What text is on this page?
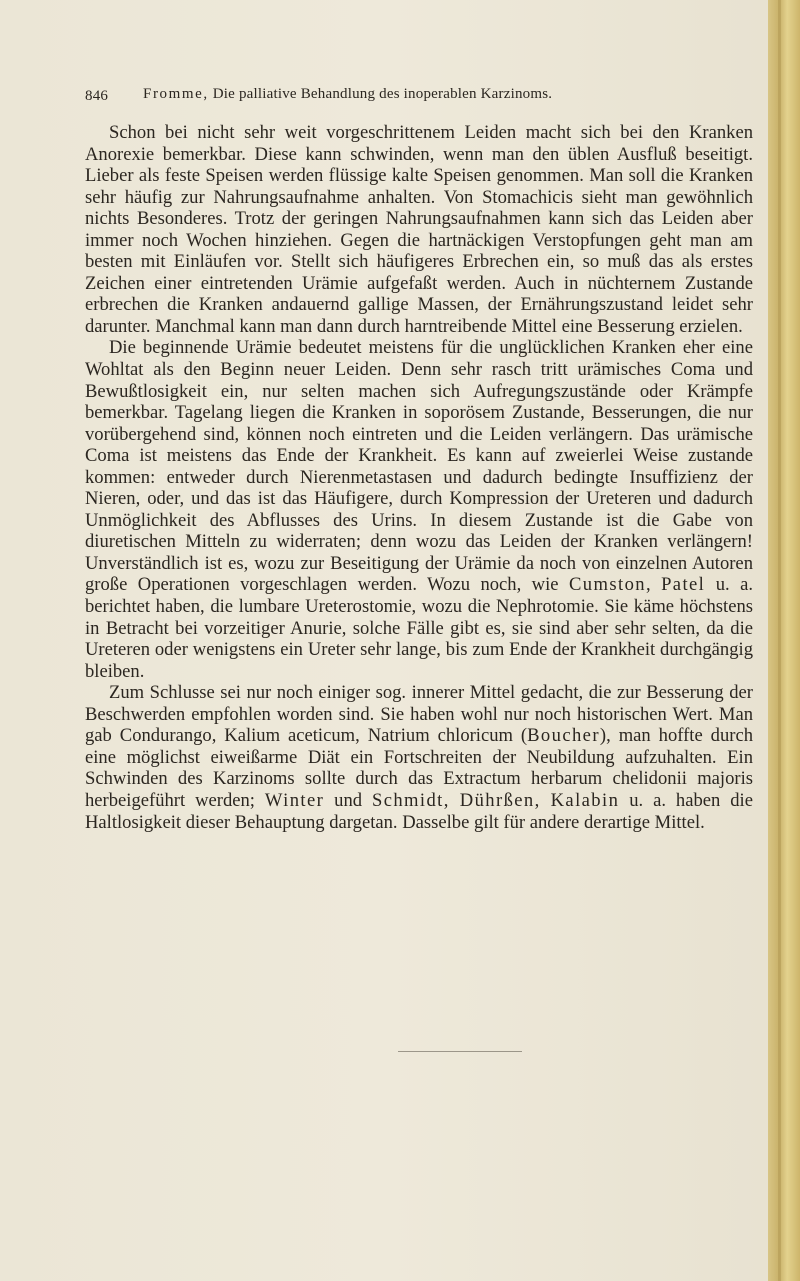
846 Fromme, Die palliative Behandlung des inoperablen Karzinoms.

Schon bei nicht sehr weit vorgeschrittenem Leiden macht sich bei den Kranken Anorexie bemerkbar. Diese kann schwinden, wenn man den üblen Ausfluß beseitigt. Lieber als feste Speisen werden flüssige kalte Speisen genommen. Man soll die Kranken sehr häufig zur Nahrungsaufnahme anhalten. Von Stomachicis sieht man gewöhnlich nichts Besonderes. Trotz der geringen Nahrungsaufnahmen kann sich das Leiden aber immer noch Wochen hinziehen. Gegen die hartnäckigen Verstopfungen geht man am besten mit Einläufen vor. Stellt sich häufigeres Erbrechen ein, so muß das als erstes Zeichen einer eintretenden Urämie aufgefaßt werden. Auch in nüchternem Zustande erbrechen die Kranken andauernd gallige Massen, der Ernährungszustand leidet sehr darunter. Manchmal kann man dann durch harntreibende Mittel eine Besserung erzielen.

Die beginnende Urämie bedeutet meistens für die unglücklichen Kranken eher eine Wohltat als den Beginn neuer Leiden. Denn sehr rasch tritt urämisches Coma und Bewußtlosigkeit ein, nur selten machen sich Aufregungszustände oder Krämpfe bemerkbar. Tagelang liegen die Kranken in soporösem Zustande, Besserungen, die nur vorübergehend sind, können noch eintreten und die Leiden verlängern. Das urämische Coma ist meistens das Ende der Krankheit. Es kann auf zweierlei Weise zustande kommen: entweder durch Nierenmetastasen und dadurch bedingte Insuffizienz der Nieren, oder, und das ist das Häufigere, durch Kompression der Ureteren und dadurch Unmöglichkeit des Abflusses des Urins. In diesem Zustande ist die Gabe von diuretischen Mitteln zu widerraten; denn wozu das Leiden der Kranken verlängern! Unverständlich ist es, wozu zur Beseitigung der Urämie da noch von einzelnen Autoren große Operationen vorgeschlagen werden. Wozu noch, wie Cumston, Patel u. a. berichtet haben, die lumbare Ureterostomie, wozu die Nephrotomie. Sie käme höchstens in Betracht bei vorzeitiger Anurie, solche Fälle gibt es, sie sind aber sehr selten, da die Ureteren oder wenigstens ein Ureter sehr lange, bis zum Ende der Krankheit durchgängig bleiben.

Zum Schlusse sei nur noch einiger sog. innerer Mittel gedacht, die zur Besserung der Beschwerden empfohlen worden sind. Sie haben wohl nur noch historischen Wert. Man gab Condurango, Kalium aceticum, Natrium chloricum (Boucher), man hoffte durch eine möglichst eiweißarme Diät ein Fortschreiten der Neubildung aufzuhalten. Ein Schwinden des Karzinoms sollte durch das Extractum herbarum chelidonii majoris herbeigeführt werden; Winter und Schmidt, Dührßen, Kalabin u. a. haben die Haltlosigkeit dieser Behauptung dargetan. Dasselbe gilt für andere derartige Mittel.
